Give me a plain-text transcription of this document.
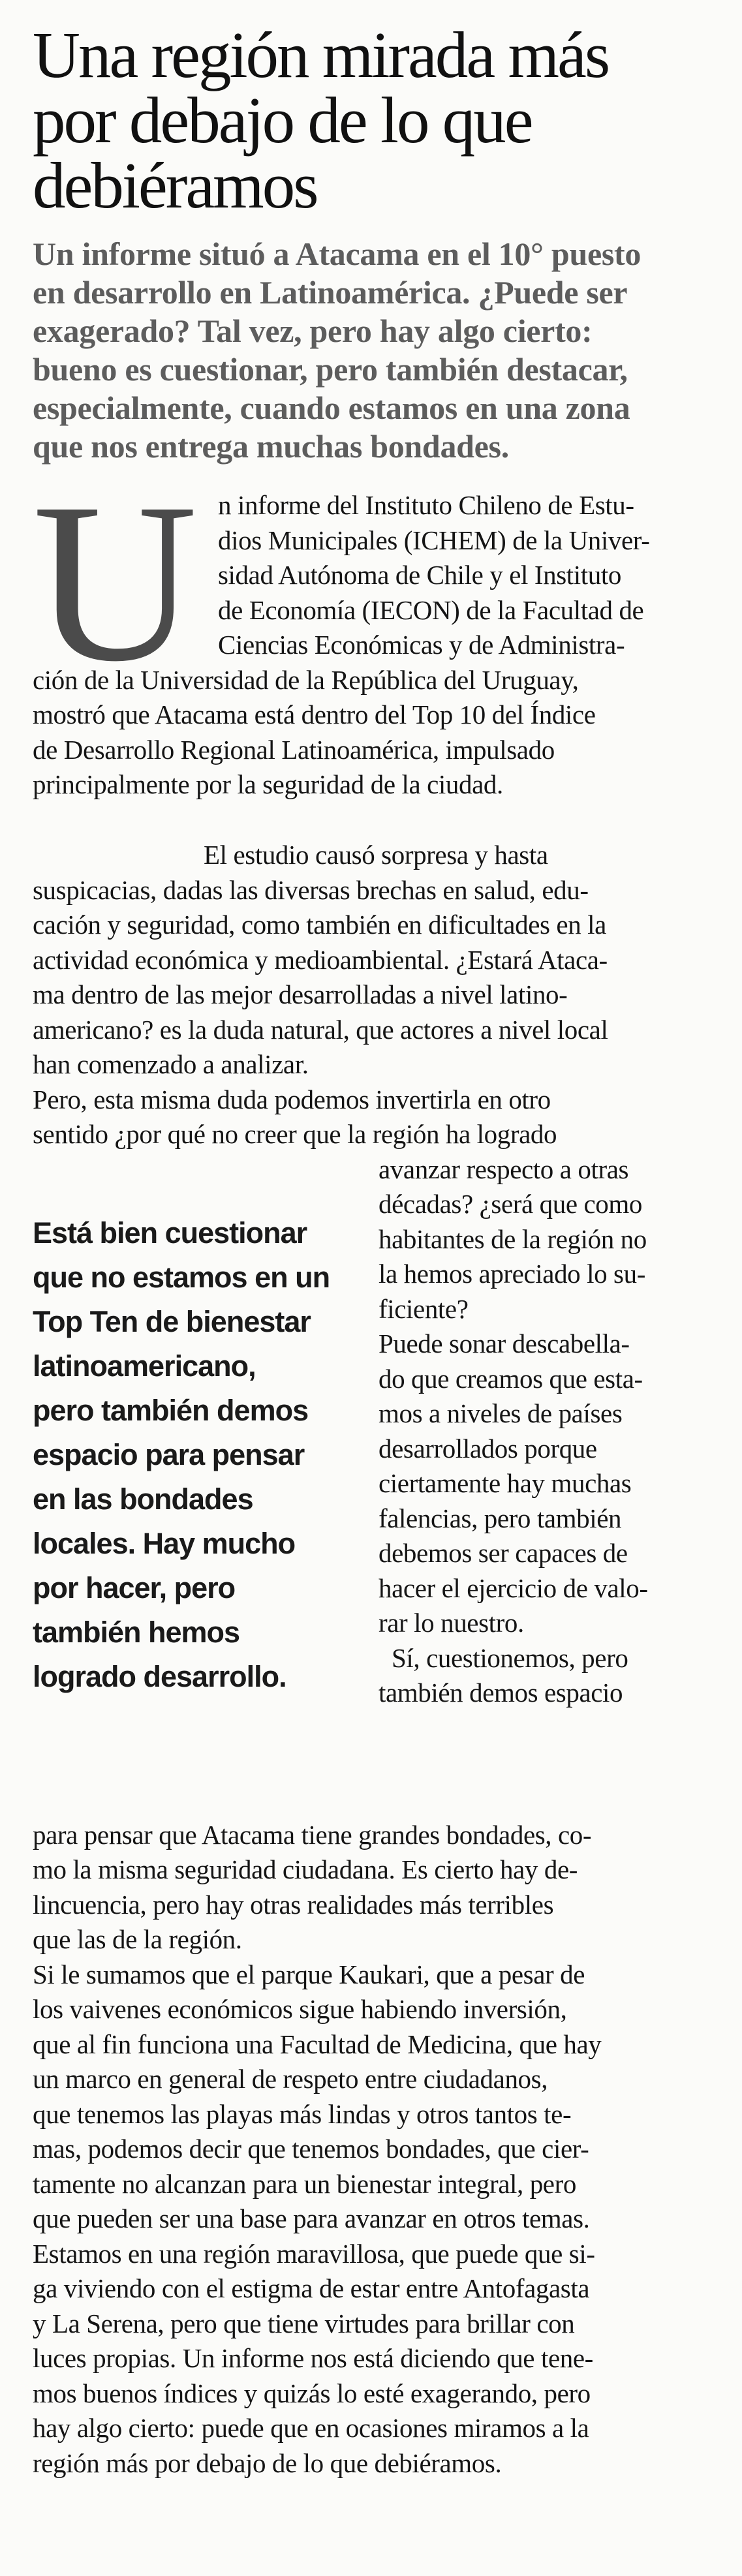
Una región mirada más
por debajo de lo que
debiéramos
Un informe situó a Atacama en el 10° puesto
en desarrollo en Latinoamérica. ¿Puede ser
exagerado? Tal vez, pero hay algo cierto:
bueno es cuestionar, pero también destacar,
especialmente, cuando estamos en una zona
que nos entrega muchas bondades.
U n informe del Instituto Chileno de Estu-
dios Municipales (ICHEM) de la Univer-
sidad Autónoma de Chile y el Instituto
de Economía (IECON) de la Facultad de
Ciencias Económicas y de Administra-
ción de la Universidad de la República del Uruguay,
mostró que Atacama está dentro del Top 10 del Índice
de Desarrollo Regional Latinoamérica, impulsado
principalmente por la seguridad de la ciudad.
El estudio causó sorpresa y hasta
suspicacias, dadas las diversas brechas en salud, edu-
cación y seguridad, como también en dificultades en la
actividad económica y medioambiental. ¿Estará Ataca-
ma dentro de las mejor desarrolladas a nivel latino-
americano? es la duda natural, que actores a nivel local
han comenzado a analizar.
Pero, esta misma duda podemos invertirla en otro
sentido ¿por qué no creer que la región ha logrado
Está bien cuestionar
que no estamos en un
Top Ten de bienestar
latinoamericano,
pero también demos
espacio para pensar
en las bondades
locales. Hay mucho
por hacer, pero
también hemos
logrado desarrollo.
avanzar respecto a otras
décadas? ¿será que como
habitantes de la región no
la hemos apreciado lo su-
ficiente?
Puede sonar descabella-
do que creamos que esta-
mos a niveles de países
desarrollados porque
ciertamente hay muchas
falencias, pero también
debemos ser capaces de
hacer el ejercicio de valo-
rar lo nuestro.
Sí, cuestionemos, pero
también demos espacio
para pensar que Atacama tiene grandes bondades, co-
mo la misma seguridad ciudadana. Es cierto hay de-
lincuencia, pero hay otras realidades más terribles
que las de la región.
Si le sumamos que el parque Kaukari, que a pesar de
los vaivenes económicos sigue habiendo inversión,
que al fin funciona una Facultad de Medicina, que hay
un marco en general de respeto entre ciudadanos,
que tenemos las playas más lindas y otros tantos te-
mas, podemos decir que tenemos bondades, que cier-
tamente no alcanzan para un bienestar integral, pero
que pueden ser una base para avanzar en otros temas.
Estamos en una región maravillosa, que puede que si-
ga viviendo con el estigma de estar entre Antofagasta
y La Serena, pero que tiene virtudes para brillar con
luces propias. Un informe nos está diciendo que tene-
mos buenos índices y quizás lo esté exagerando, pero
hay algo cierto: puede que en ocasiones miramos a la
región más por debajo de lo que debiéramos.
